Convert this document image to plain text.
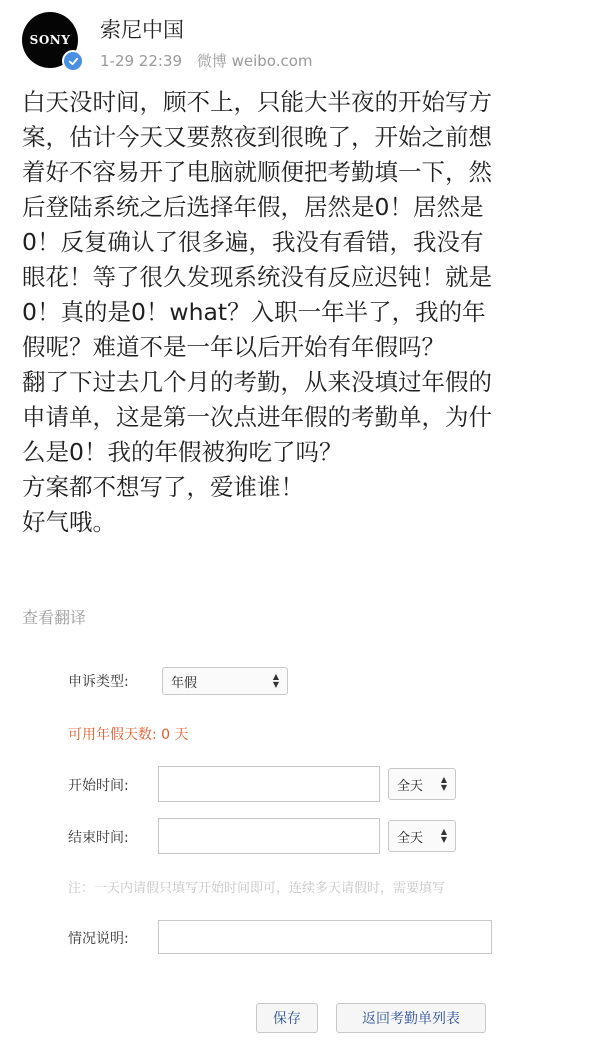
SONY 索尼中国
1-29 22:39 微博 weibo.com
白天没时间，顾不上，只能大半夜的开始写方
案，估计今天又要熬夜到很晚了，开始之前想
着好不容易开了电脑就顺便把考勤填一下，然
后登陆系统之后选择年假，居然是0！居然是
0！反复确认了很多遍，我没有看错，我没有
眼花！等了很久发现系统没有反应迟钝！就是
0！真的是0！what？入职一年半了，我的年
假呢？难道不是一年以后开始有年假吗？
翻了下过去几个月的考勤，从来没填过年假的
申请单，这是第一次点进年假的考勤单，为什
么是0！我的年假被狗吃了吗？
方案都不想写了，爱谁谁！
好气哦。
查看翻译
申诉类型:	年假	▲
▼
可用年假天数: 0 天
开始时间:	全天 ▲
▼
结束时间:	全天 ▲
▼
注：一天内请假只填写开始时间即可，连续多天请假时，需要填写
情况说明:
保存	返回考勤单列表
